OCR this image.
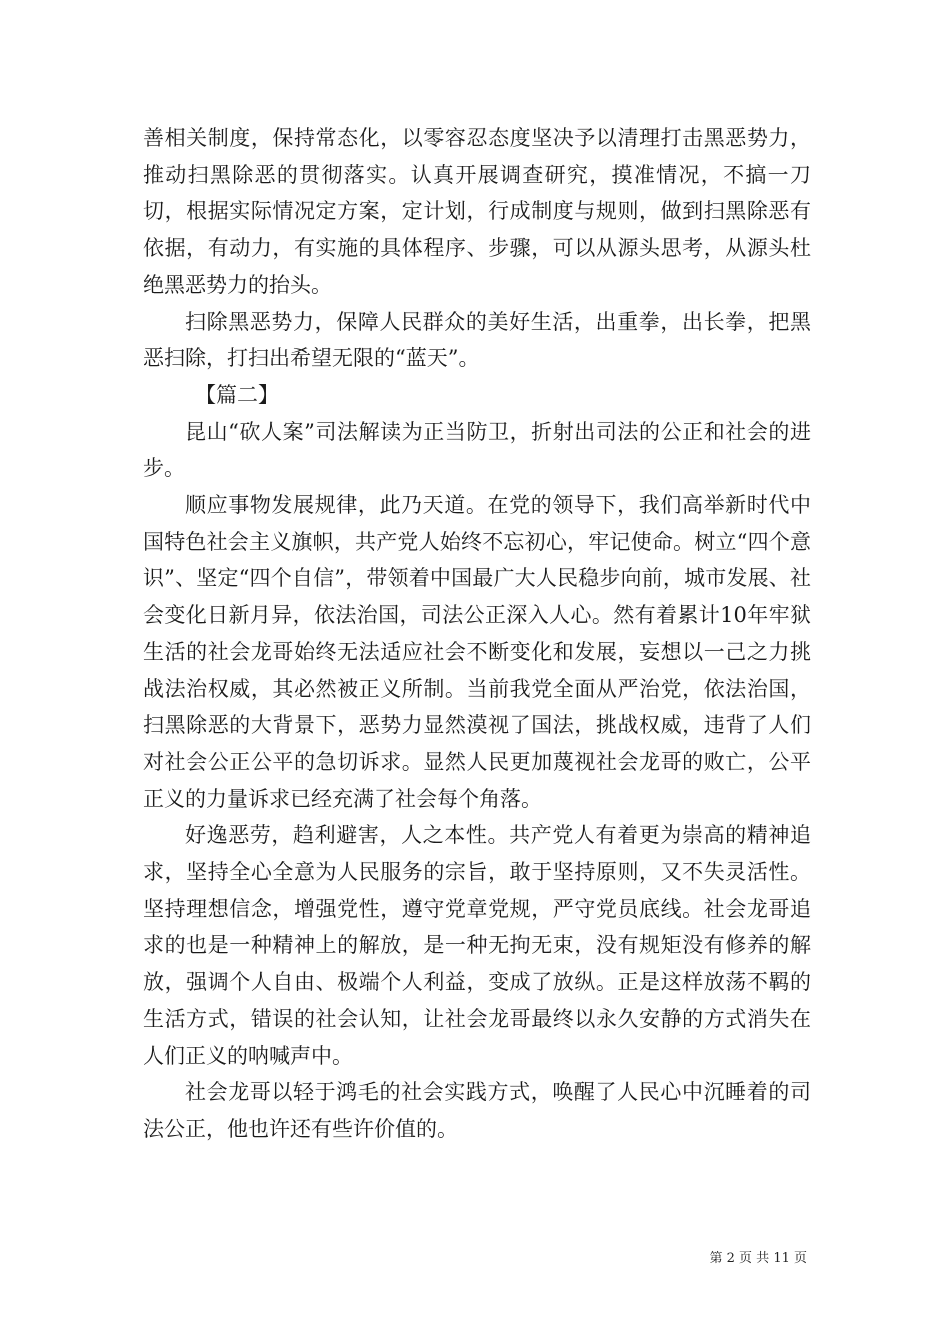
善相关制度，保持常态化，以零容忍态度坚决予以清理打击黑恶势力，推动扫黑除恶的贯彻落实。认真开展调查研究，摸准情况，不搞一刀切，根据实际情况定方案，定计划，行成制度与规则，做到扫黑除恶有依据，有动力，有实施的具体程序、步骤，可以从源头思考，从源头杜绝黑恶势力的抬头。

扫除黑恶势力，保障人民群众的美好生活，出重拳，出长拳，把黑恶扫除，打扫出希望无限的“蓝天”。

【篇二】

昆山“砍人案”司法解读为正当防卫，折射出司法的公正和社会的进步。

顺应事物发展规律，此乃天道。在党的领导下，我们高举新时代中国特色社会主义旗帜，共产党人始终不忘初心，牢记使命。树立“四个意识”、坚定“四个自信”，带领着中国最广大人民稳步向前，城市发展、社会变化日新月异，依法治国，司法公正深入人心。然有着累计10年牢狱生活的社会龙哥始终无法适应社会不断变化和发展，妄想以一己之力挑战法治权威，其必然被正义所制。当前我党全面从严治党，依法治国，扫黑除恶的大背景下，恶势力显然漠视了国法，挑战权威，违背了人们对社会公正公平的急切诉求。显然人民更加蔑视社会龙哥的败亡，公平正义的力量诉求已经充满了社会每个角落。

好逸恶劳，趋利避害，人之本性。共产党人有着更为崇高的精神追求，坚持全心全意为人民服务的宗旨，敢于坚持原则，又不失灵活性。坚持理想信念，增强党性，遵守党章党规，严守党员底线。社会龙哥追求的也是一种精神上的解放，是一种无拘无束，没有规矩没有修养的解放，强调个人自由、极端个人利益，变成了放纵。正是这样放荡不羁的生活方式，错误的社会认知，让社会龙哥最终以永久安静的方式消失在人们正义的呐喊声中。

社会龙哥以轻于鸿毛的社会实践方式，唤醒了人民心中沉睡着的司法公正，他也许还有些许价值的。

第 2 页 共 11 页
